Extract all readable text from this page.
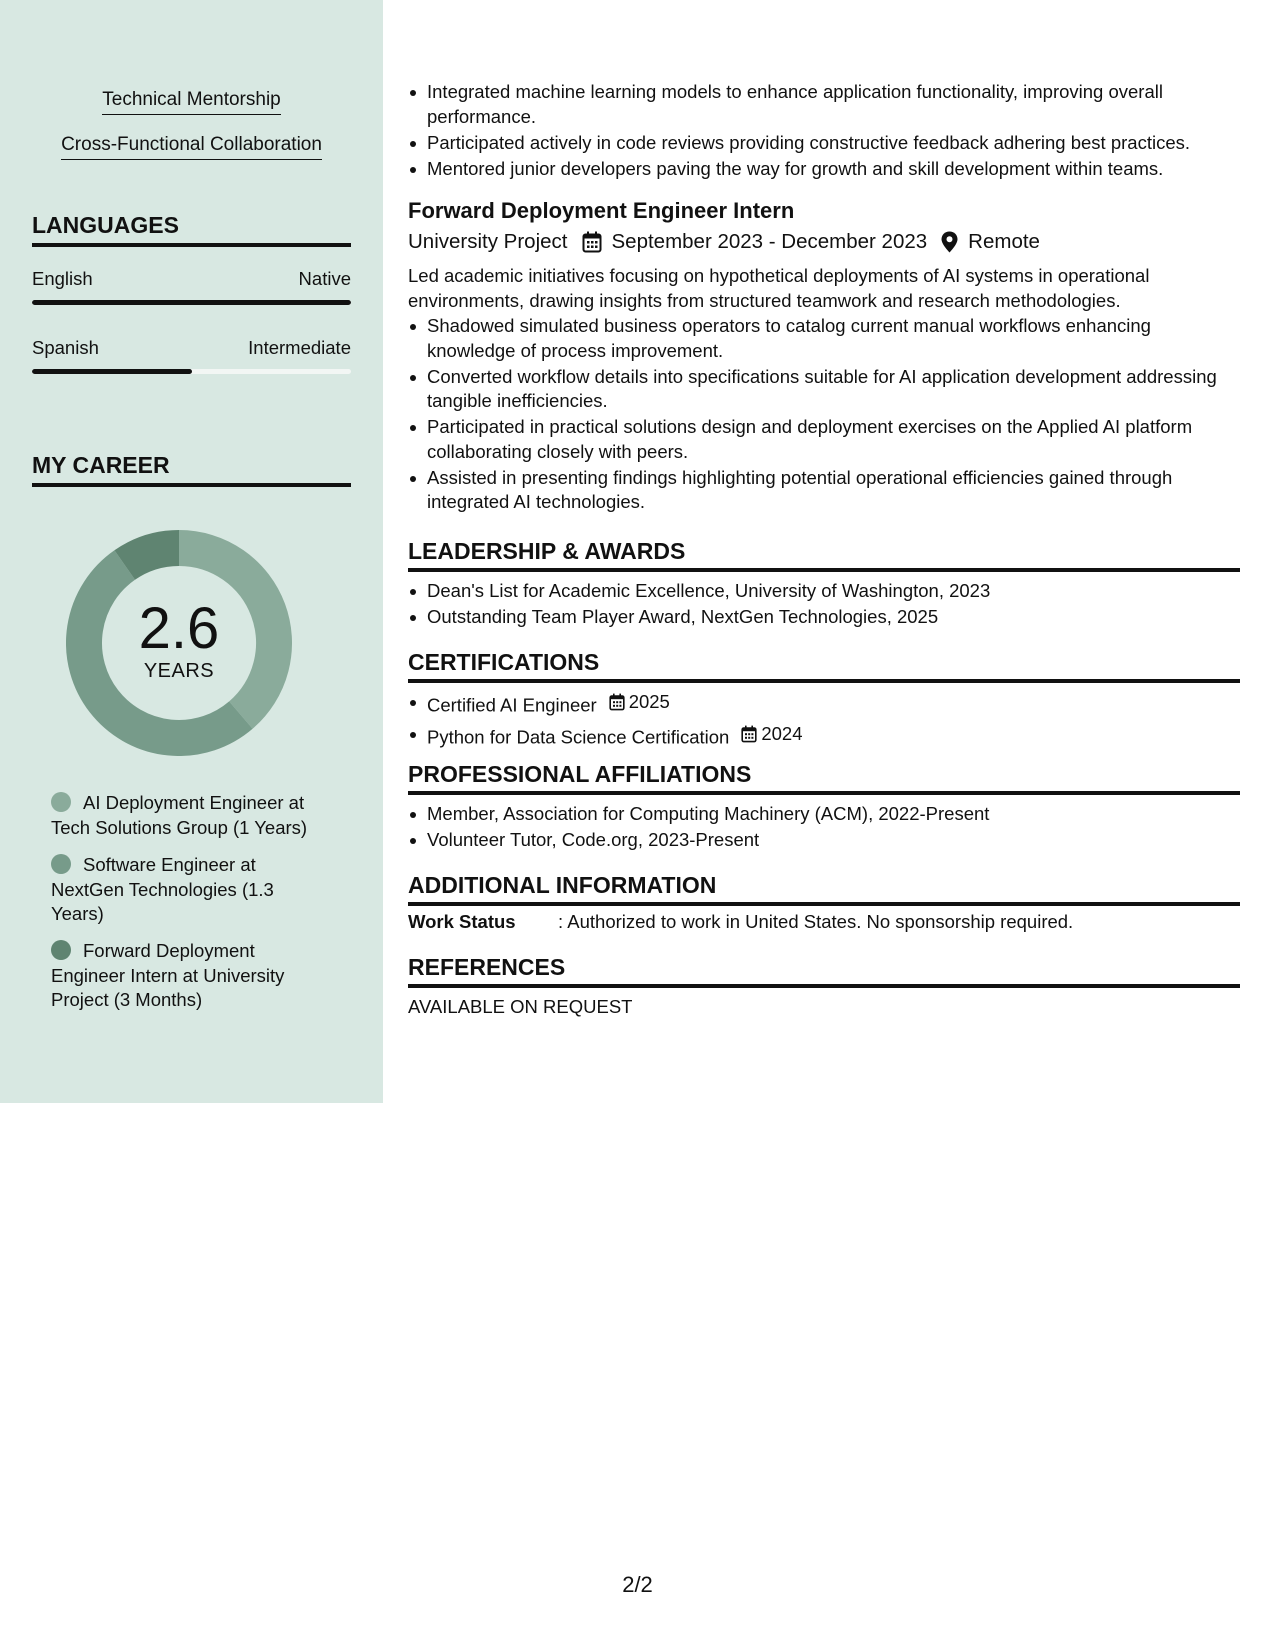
Technical Mentorship
Cross-Functional Collaboration
LANGUAGES
English	Native
Spanish	Intermediate
MY CAREER
2.6
YEARS
AI Deployment Engineer at Tech Solutions Group (1 Years)
Software Engineer at NextGen Technologies (1.3 Years)
Forward Deployment Engineer Intern at University Project (3 Months)
Integrated machine learning models to enhance application functionality, improving overall performance.
Participated actively in code reviews providing constructive feedback adhering best practices.
Mentored junior developers paving the way for growth and skill development within teams.
Forward Deployment Engineer Intern
University Project September 2023 - December 2023 Remote
Led academic initiatives focusing on hypothetical deployments of AI systems in operational environments, drawing insights from structured teamwork and research methodologies.
Shadowed simulated business operators to catalog current manual workflows enhancing knowledge of process improvement.
Converted workflow details into specifications suitable for AI application development addressing tangible inefficiencies.
Participated in practical solutions design and deployment exercises on the Applied AI platform collaborating closely with peers.
Assisted in presenting findings highlighting potential operational efficiencies gained through integrated AI technologies.
LEADERSHIP & AWARDS
Dean's List for Academic Excellence, University of Washington, 2023
Outstanding Team Player Award, NextGen Technologies, 2025
CERTIFICATIONS
Certified AI Engineer 2025
Python for Data Science Certification 2024
PROFESSIONAL AFFILIATIONS
Member, Association for Computing Machinery (ACM), 2022-Present
Volunteer Tutor, Code.org, 2023-Present
ADDITIONAL INFORMATION
Work Status : Authorized to work in United States. No sponsorship required.
REFERENCES
AVAILABLE ON REQUEST
2/2
